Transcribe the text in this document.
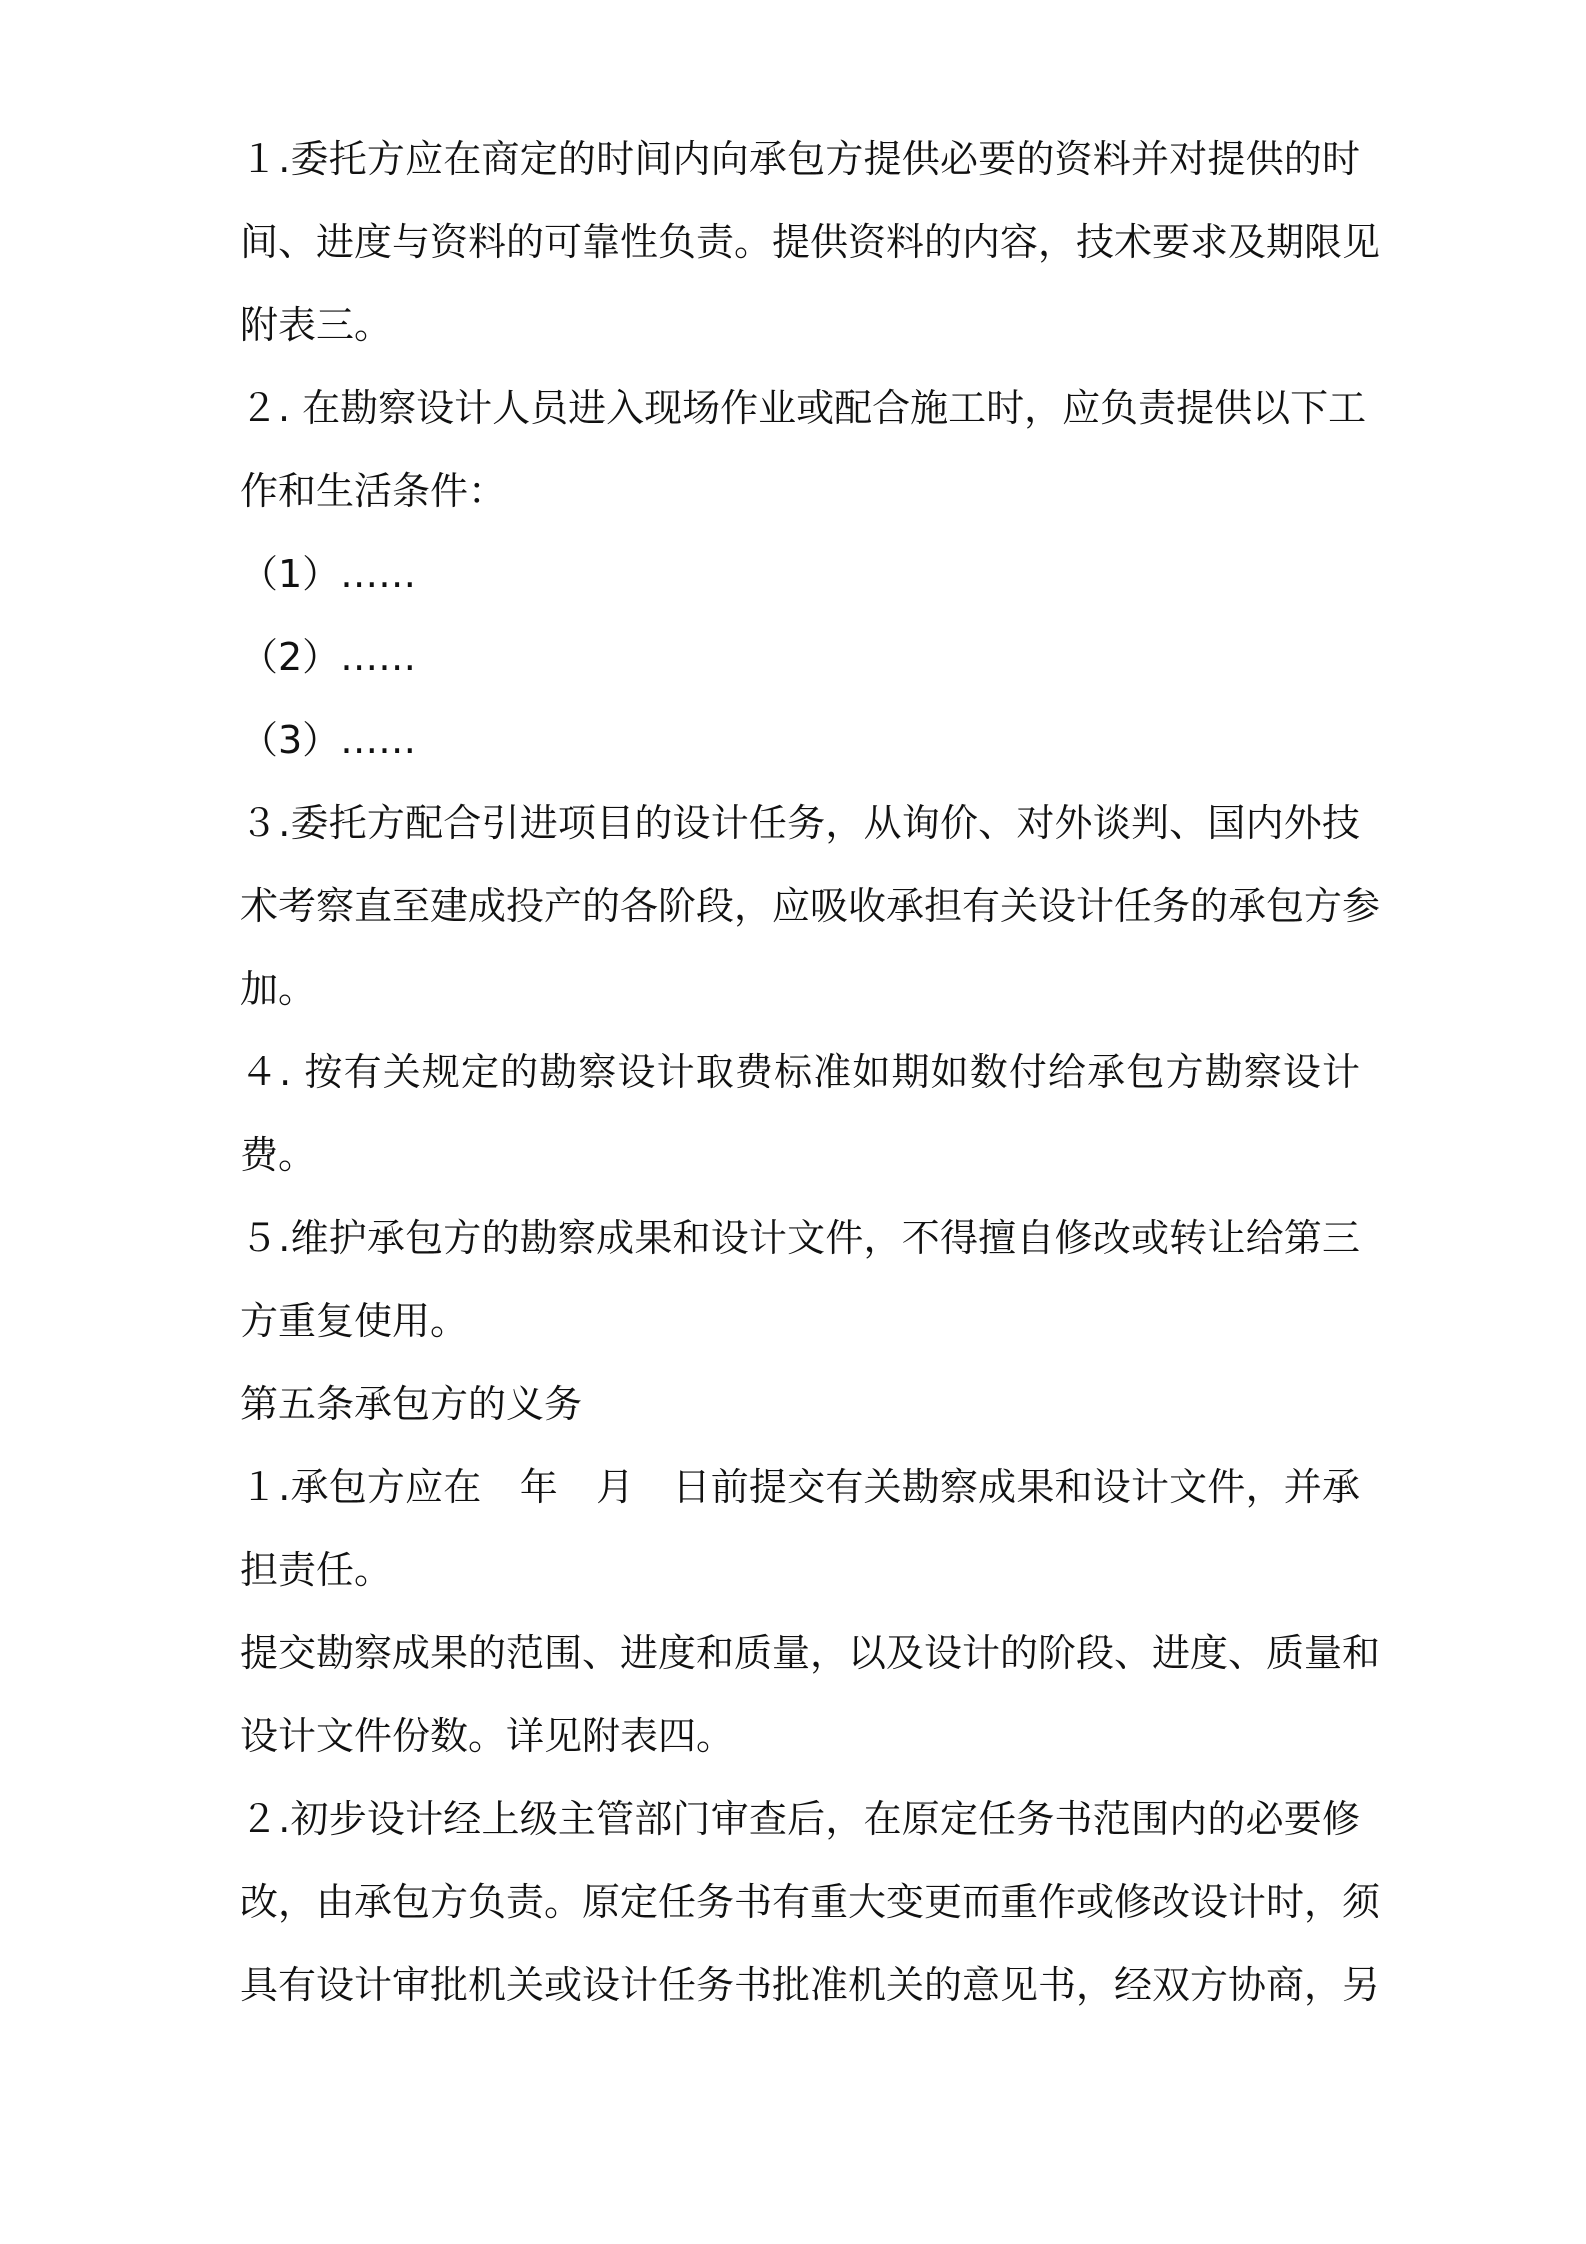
１.委托方应在商定的时间内向承包方提供必要的资料并对提供的时
间、进度与资料的可靠性负责。提供资料的内容，技术要求及期限见
附表三。
２. 在勘察设计人员进入现场作业或配合施工时，应负责提供以下工
作和生活条件：
（1）……
（2）……
（3）……
３.委托方配合引进项目的设计任务，从询价、对外谈判、国内外技
术考察直至建成投产的各阶段，应吸收承担有关设计任务的承包方参
加。
４. 按有关规定的勘察设计取费标准如期如数付给承包方勘察设计
费。
５.维护承包方的勘察成果和设计文件，不得擅自修改或转让给第三
方重复使用。
第五条承包方的义务
１.承包方应在　年　月　日前提交有关勘察成果和设计文件，并承
担责任。
提交勘察成果的范围、进度和质量，以及设计的阶段、进度、质量和
设计文件份数。详见附表四。
２.初步设计经上级主管部门审查后，在原定任务书范围内的必要修
改，由承包方负责。原定任务书有重大变更而重作或修改设计时，须
具有设计审批机关或设计任务书批准机关的意见书，经双方协商，另
